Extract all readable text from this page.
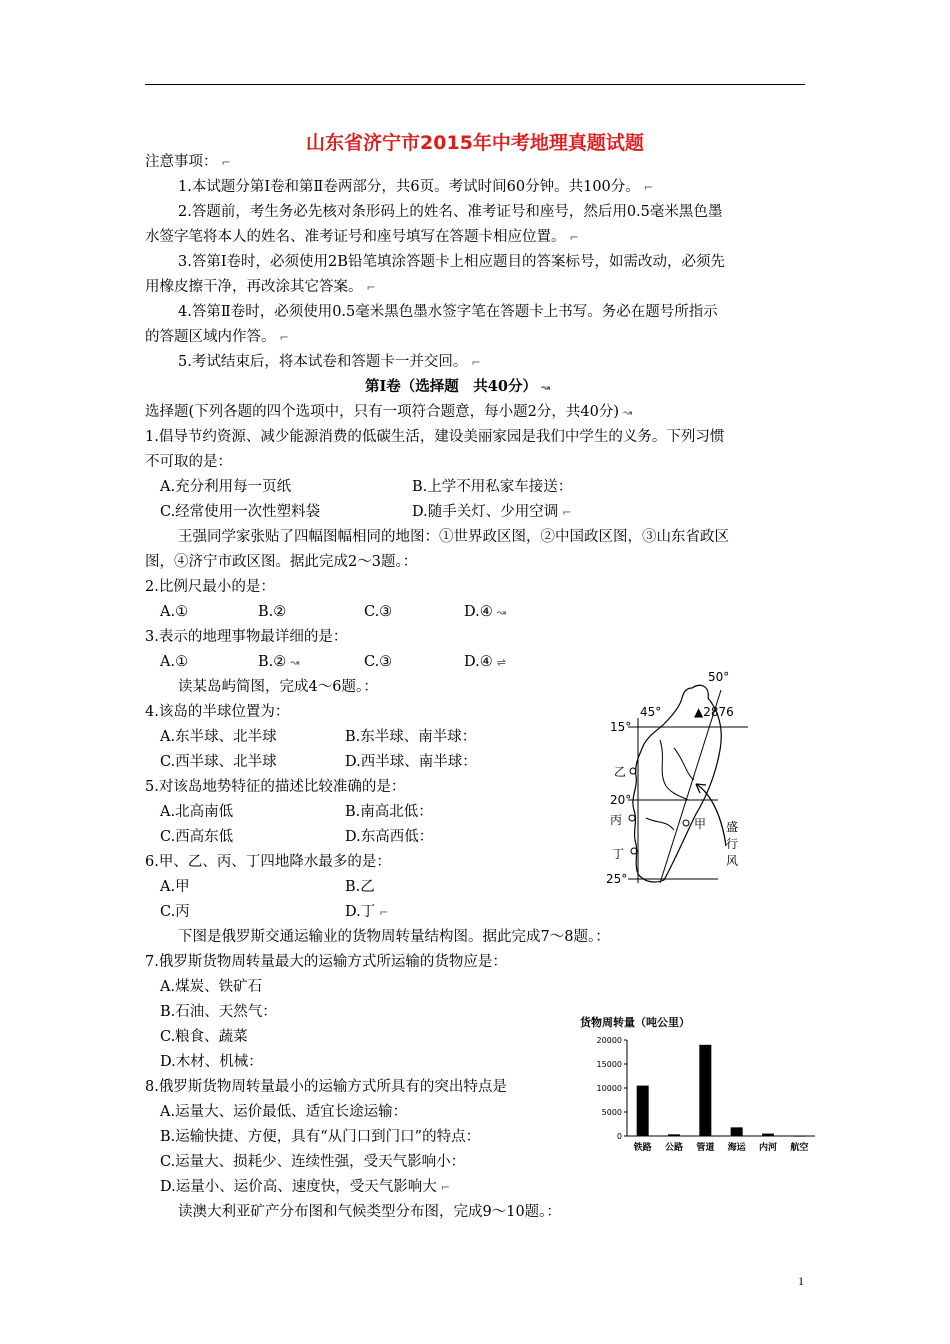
山东省济宁市2015年中考地理真题试题
注意事项： ⌐
1.本试题分第Ⅰ卷和第Ⅱ卷两部分，共6页。考试时间60分钟。共100分。 ⌐
2.答题前，考生务必先核对条形码上的姓名、准考证号和座号，然后用0.5毫米黑色墨
水签字笔将本人的姓名、准考证号和座号填写在答题卡相应位置。 ⌐
3.答第Ⅰ卷时，必须使用2B铅笔填涂答题卡上相应题目的答案标号，如需改动，必须先
用橡皮擦干净，再改涂其它答案。 ⌐
4.答第Ⅱ卷时，必须使用0.5毫米黑色墨水签字笔在答题卡上书写。务必在题号所指示
的答题区域内作答。 ⌐
5.考试结束后，将本试卷和答题卡一并交回。 ⌐
第Ⅰ卷（选择题　共40分） ↝
选择题(下列各题的四个选项中，只有一项符合题意，每小题2分，共40分) ↝
1.倡导节约资源、减少能源消费的低碳生活，建设美丽家园是我们中学生的义务。下列习惯
不可取的是：
A.充分利用每一页纸	B.上学不用私家车接送：
C.经常使用一次性塑料袋	D.随手关灯、少用空调 ⌐
王强同学家张贴了四幅图幅相同的地图：①世界政区图，②中国政区图，③山东省政区
图，④济宁市政区图。据此完成2～3题。：
2.比例尺最小的是：
A.①	B.②	C.③	D.④ ↝
3.表示的地理事物最详细的是：
A.①	B.② ↝	C.③	D.④ ⇌
读某岛屿简图，完成4～6题。：
4.该岛的半球位置为：
A.东半球、北半球	B.东半球、南半球：
C.西半球、北半球	D.西半球、南半球：
5.对该岛地势特征的描述比较准确的是：
A.北高南低	B.南高北低：
C.西高东低	D.东高西低：
6.甲、乙、丙、丁四地降水最多的是：
A.甲	B.乙
C.丙	D.丁 ⌐
50°
45°	▲2876
15°
20°
25°
乙
丙	甲
丁
盛
行
风
下图是俄罗斯交通运输业的货物周转量结构图。据此完成7～8题。：
7.俄罗斯货物周转量最大的运输方式所运输的货物应是：
A.煤炭、铁矿石
B.石油、天然气：
C.粮食、蔬菜
D.木材、机械：
8.俄罗斯货物周转量最小的运输方式所具有的突出特点是
A.运量大、运价最低、适宜长途运输：
B.运输快捷、方便，具有“从门口到门口”的特点：
C.运量大、损耗少、连续性强，受天气影响小：
D.运量小、运价高、速度快，受天气影响大 ⌐
读澳大利亚矿产分布图和气候类型分布图，完成9～10题。：
货物周转量（吨公里）
0
5000
10000
15000
20000
铁路 公路 管道 海运 内河 航空
1
